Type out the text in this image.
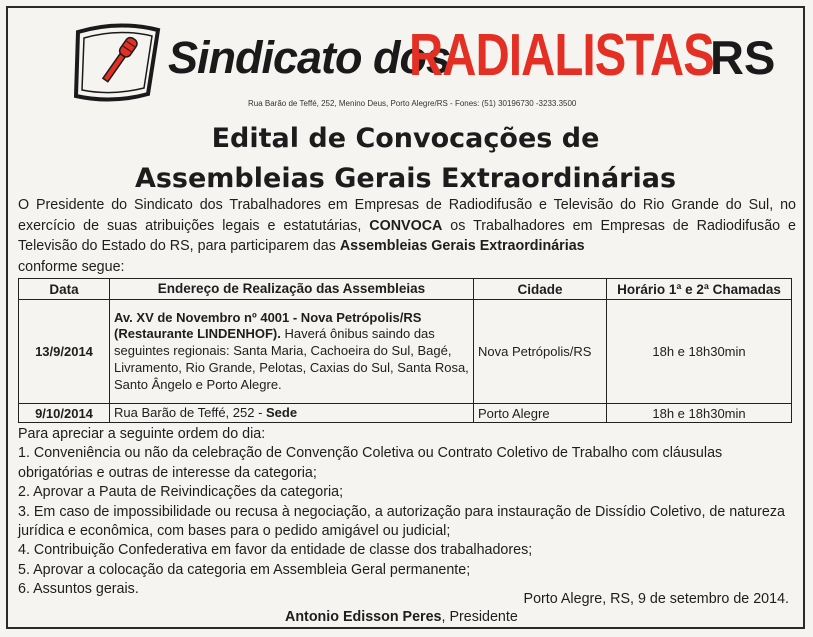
Sindicato dos
RADIALISTAS
RS
Rua Barão de Teffé, 252, Menino Deus, Porto Alegre/RS - Fones: (51) 30196730 -3233.3500
Edital de Convocações de
Assembleias Gerais Extraordinárias
O Presidente do Sindicato dos Trabalhadores em Empresas de Radiodifusão e Televisão do Rio Grande do Sul, no exercício de suas atribuições legais e estatutárias, CONVOCA os Trabalhadores em Empresas de Radiodifusão e Televisão do Estado do RS, para participarem das Assembleias Gerais Extraordinárias
conforme segue:
Data	Endereço de Realização das Assembleias	Cidade	Horário 1ª e 2ª Chamadas
13/9/2014	Av. XV de Novembro nº 4001 - Nova Petrópolis/RS (Restaurante LINDENHOF). Haverá ônibus saindo das seguintes regionais: Santa Maria, Cachoeira do Sul, Bagé, Livramento, Rio Grande, Pelotas, Caxias do Sul, Santa Rosa, Santo Ângelo e Porto Alegre.	Nova Petrópolis/RS	18h e 18h30min
9/10/2014	Rua Barão de Teffé, 252 - Sede	Porto Alegre	18h e 18h30min

Para apreciar a seguinte ordem do dia:

1. Conveniência ou não da celebração de Convenção Coletiva ou Contrato Coletivo de Trabalho com cláusulas obrigatórias e outras de interesse da categoria;

2. Aprovar a Pauta de Reivindicações da categoria;

3. Em caso de impossibilidade ou recusa à negociação, a autorização para instauração de Dissídio Coletivo, de natureza jurídica e econômica, com bases para o pedido amigável ou judicial;

4. Contribuição Confederativa em favor da entidade de classe dos trabalhadores;

5. Aprovar a colocação da categoria em Assembleia Geral permanente;

6. Assuntos gerais.

Porto Alegre, RS, 9 de setembro de 2014.
Antonio Edisson Peres, Presidente
